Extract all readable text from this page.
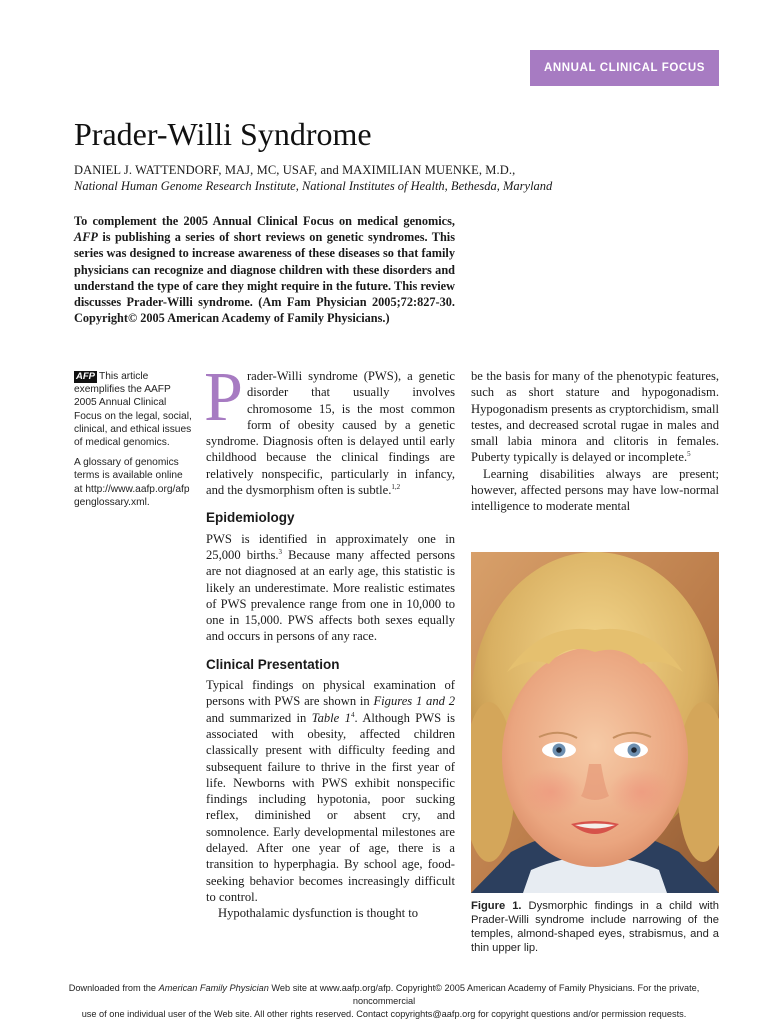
ANNUAL CLINICAL FOCUS
Prader-Willi Syndrome
DANIEL J. WATTENDORF, MAJ, MC, USAF, and MAXIMILIAN MUENKE, M.D.,
National Human Genome Research Institute, National Institutes of Health, Bethesda, Maryland

To complement the 2005 Annual Clinical Focus on medical genomics, AFP is publishing a series of short reviews on genetic syndromes. This series was designed to increase awareness of these diseases so that family physicians can recognize and diagnose children with these disorders and understand the type of care they might require in the future. This review discusses Prader-Willi syndrome. (Am Fam Physician 2005;72:827-30. Copyright© 2005 American Academy of Family Physicians.)

AFP This article exemplifies the AAFP 2005 Annual Clinical Focus on the legal, social, clinical, and ethical issues of medical genomics.

A glossary of genomics terms is available online at http://www.aafp.org/afp genglossary.xml.

Prader-Willi syndrome (PWS), a genetic disorder that usually involves chromosome 15, is the most common form of obesity caused by a genetic syndrome. Diagnosis often is delayed until early childhood because the clinical findings are relatively nonspecific, particularly in infancy, and the dysmorphism often is subtle.$^{1,2}$

Epidemiology

PWS is identified in approximately one in 25,000 births.$^3$ Because many affected persons are not diagnosed at an early age, this statistic is likely an underestimate. More realistic estimates of PWS prevalence range from one in 10,000 to one in 15,000. PWS affects both sexes equally and occurs in persons of any race.

Clinical Presentation

Typical findings on physical examination of persons with PWS are shown in Figures 1 and 2 and summarized in Table $1^4$. Although PWS is associated with obesity, affected children classically present with difficulty feeding and subsequent failure to thrive in the first year of life. Newborns with PWS exhibit nonspecific findings including hypotonia, poor sucking reflex, diminished or absent cry, and somnolence. Early developmental milestones are delayed. After one year of age, there is a transition to hyperphagia. By school age, food-seeking behavior becomes increasingly difficult to control.

Hypothalamic dysfunction is thought to

be the basis for many of the phenotypic features, such as short stature and hypogonadism. Hypogonadism presents as cryptorchidism, small testes, and decreased scrotal rugae in males and small labia minora and clitoris in females. Puberty typically is delayed or incomplete.$^5$

Learning disabilities always are present; however, affected persons may have low-normal intelligence to moderate mental

Figure 1. Dysmorphic findings in a child with Prader-Willi syndrome include narrowing of the temples, almond-shaped eyes, strabismus, and a thin upper lip.
Downloaded from the American Family Physician Web site at www.aafp.org/afp. Copyright© 2005 American Academy of Family Physicians. For the private, noncommercial
use of one individual user of the Web site. All other rights reserved. Contact copyrights@aafp.org for copyright questions and/or permission requests.
